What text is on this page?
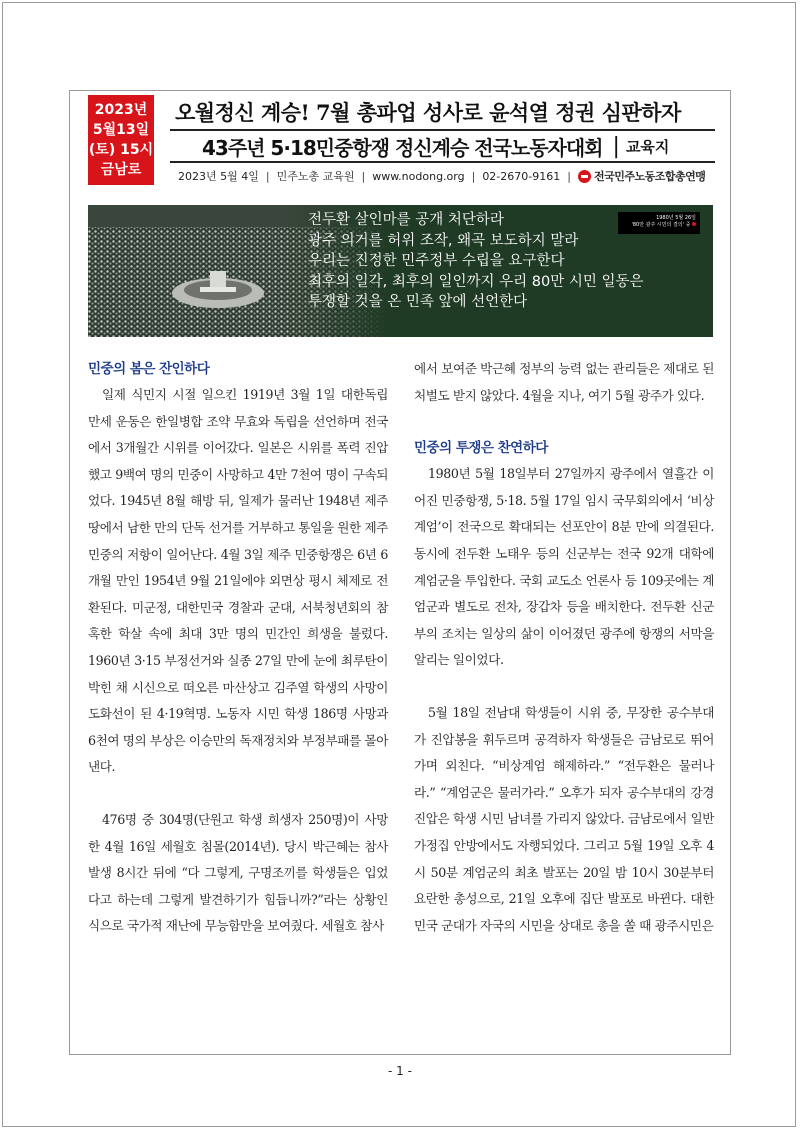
2023년
5월13일
(토) 15시
금남로
오월정신 계승! 7월 총파업 성사로 윤석열 정권 심판하자
43주년 5·18민중항쟁 정신계승 전국노동자대회 | 교육지
2023년 5월 4일 | 민주노총 교육원 | www.nodong.org | 02-2670-9161 | 전국민주노동조합총연맹
전두환 살인마를 공개 처단하라
광주 의거를 허위 조작, 왜곡 보도하지 말라
우리는 진정한 민주정부 수립을 요구한다
최후의 일각, 최후의 일인까지 우리 80만 시민 일동은
투쟁할 것을 온 민족 앞에 선언한다
1980년 5월 26일
'80만 광주 시민의 결의' 중
민중의 봄은 잔인하다

일제 식민지 시절 일으킨 1919년 3월 1일 대한독립 만세 운동은 한일병합 조약 무효와 독립을 선언하며 전국에서 3개월간 시위를 이어갔다. 일본은 시위를 폭력 진압했고 9백여 명의 민중이 사망하고 4만 7천여 명이 구속되었다. 1945년 8월 해방 뒤, 일제가 물러난 1948년 제주 땅에서 남한 만의 단독 선거를 거부하고 통일을 원한 제주 민중의 저항이 일어난다. 4월 3일 제주 민중항쟁은 6년 6개월 만인 1954년 9월 21일에야 외면상 평시 체제로 전환된다. 미군정, 대한민국 경찰과 군대, 서북청년회의 참혹한 학살 속에 최대 3만 명의 민간인 희생을 불렀다. 1960년 3·15 부정선거와 실종 27일 만에 눈에 최루탄이 박힌 채 시신으로 떠오른 마산상고 김주열 학생의 사망이 도화선이 된 4·19혁명. 노동자 시민 학생 186명 사망과 6천여 명의 부상은 이승만의 독재정치와 부정부패를 몰아낸다.

476명 중 304명(단원고 학생 희생자 250명)이 사망한 4월 16일 세월호 침몰(2014년). 당시 박근혜는 참사 발생 8시간 뒤에 “다 그렇게, 구명조끼를 학생들은 입었다고 하는데 그렇게 발견하기가 힘듭니까?”라는 상황인식으로 국가적 재난에 무능함만을 보여줬다. 세월호 참사

에서 보여준 박근혜 정부의 능력 없는 관리들은 제대로 된 처벌도 받지 않았다. 4월을 지나, 여기 5월 광주가 있다.

민중의 투쟁은 찬연하다

1980년 5월 18일부터 27일까지 광주에서 열흘간 이어진 민중항쟁, 5·18. 5월 17일 임시 국무회의에서 ‘비상계엄’이 전국으로 확대되는 선포안이 8분 만에 의결된다. 동시에 전두환 노태우 등의 신군부는 전국 92개 대학에 계엄군을 투입한다. 국회 교도소 언론사 등 109곳에는 계엄군과 별도로 전차, 장갑차 등을 배치한다. 전두환 신군부의 조치는 일상의 삶이 이어졌던 광주에 항쟁의 서막을 알리는 일이었다.

5월 18일 전남대 학생들이 시위 중, 무장한 공수부대가 진압봉을 휘두르며 공격하자 학생들은 금남로로 뛰어가며 외친다. “비상계엄 해제하라.” “전두환은 물러나라.” “계엄군은 물러가라.” 오후가 되자 공수부대의 강경 진압은 학생 시민 남녀를 가리지 않았다. 금남로에서 일반 가정집 안방에서도 자행되었다. 그리고 5월 19일 오후 4시 50분 계엄군의 최초 발포는 20일 밤 10시 30분부터 요란한 총성으로, 21일 오후에 집단 발포로 바뀐다. 대한민국 군대가 자국의 시민을 상대로 총을 쏠 때 광주시민은

- 1 -
